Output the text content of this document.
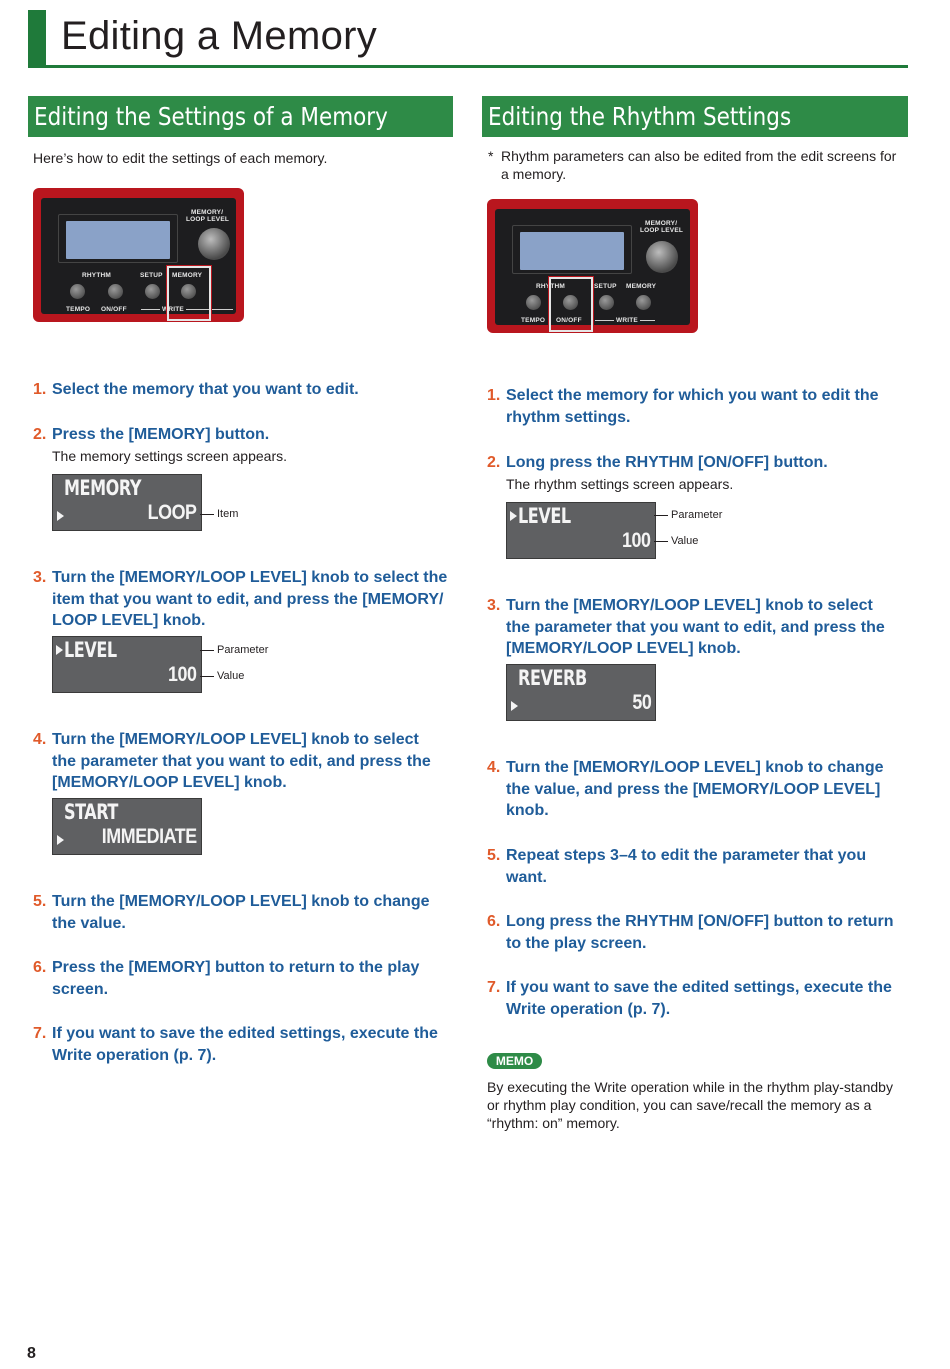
Editing a Memory
Editing the Settings of a Memory
Here’s how to edit the settings of each memory.
MEMORY/
LOOP LEVEL
RHYTHM	SETUP MEMORY
TEMPO ON/OFF	WRITE
1. Select the memory that you want to edit.
2. Press the [MEMORY] button.
The memory settings screen appears.
MEMORY
LOOP	Item
3. Turn the [MEMORY/LOOP LEVEL] knob to select the
item that you want to edit, and press the [MEMORY/
LOOP LEVEL] knob.
LEVEL
100
Parameter
Value
4. Turn the [MEMORY/LOOP LEVEL] knob to select
the parameter that you want to edit, and press the
[MEMORY/LOOP LEVEL] knob.
START
IMMEDIATE
5. Turn the [MEMORY/LOOP LEVEL] knob to change
the value.
6. Press the [MEMORY] button to return to the play
screen.
7. If you want to save the edited settings, execute the
Write operation (p. 7).
Editing the Rhythm Settings
* Rhythm parameters can also be edited from the edit screens for
a memory.
MEMORY/
LOOP LEVEL
RHYTHM	SETUP MEMORY
TEMPO ON/OFF	WRITE
1. Select the memory for which you want to edit the
rhythm settings.
2. Long press the RHYTHM [ON/OFF] button.
The rhythm settings screen appears.
LEVEL
100
Parameter
Value
3. Turn the [MEMORY/LOOP LEVEL] knob to select
the parameter that you want to edit, and press the
[MEMORY/LOOP LEVEL] knob.
REVERB
50
4. Turn the [MEMORY/LOOP LEVEL] knob to change
the value, and press the [MEMORY/LOOP LEVEL]
knob.
5. Repeat steps 3–4 to edit the parameter that you
want.
6. Long press the RHYTHM [ON/OFF] button to return
to the play screen.
7. If you want to save the edited settings, execute the
Write operation (p. 7).
MEMO
By executing the Write operation while in the rhythm play-standby
or rhythm play condition, you can save/recall the memory as a
“rhythm: on” memory.
8
